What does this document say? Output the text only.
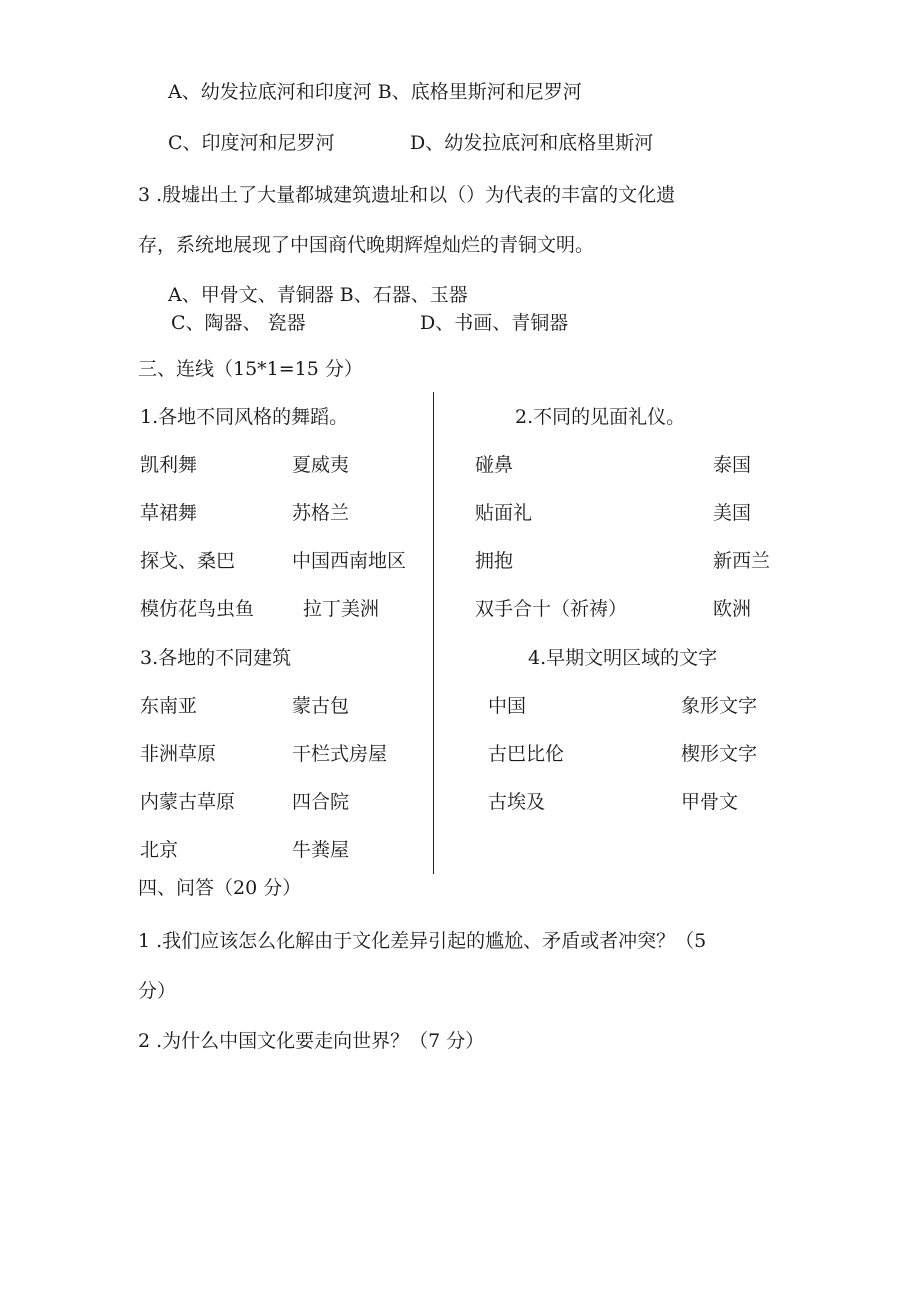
A、幼发拉底河和印度河 B、底格里斯河和尼罗河
C、印度河和尼罗河	D、幼发拉底河和底格里斯河
3 .殷墟出土了大量都城建筑遗址和以（）为代表的丰富的文化遗
存，系统地展现了中国商代晚期辉煌灿烂的青铜文明。
A、甲骨文、青铜器 B、石器、玉器
C、陶器、 瓷器	D、书画、青铜器
三、连线（15*1=15 分）
1.各地不同风格的舞蹈。
凯利舞
草裙舞
探戈、桑巴
模仿花鸟虫鱼
夏威夷
苏格兰
中国西南地区
拉丁美洲
2.不同的见面礼仪。
碰鼻
贴面礼
拥抱
双手合十（祈祷）
泰国
美国
新西兰
欧洲
3.各地的不同建筑
东南亚
非洲草原
内蒙古草原
北京
蒙古包
干栏式房屋
四合院
牛粪屋
4.早期文明区域的文字
中国
古巴比伦
古埃及
象形文字
楔形文字
甲骨文
四、问答（20 分）
1 .我们应该怎么化解由于文化差异引起的尴尬、矛盾或者冲突？（5
分）
2 .为什么中国文化要走向世界？（7 分）
